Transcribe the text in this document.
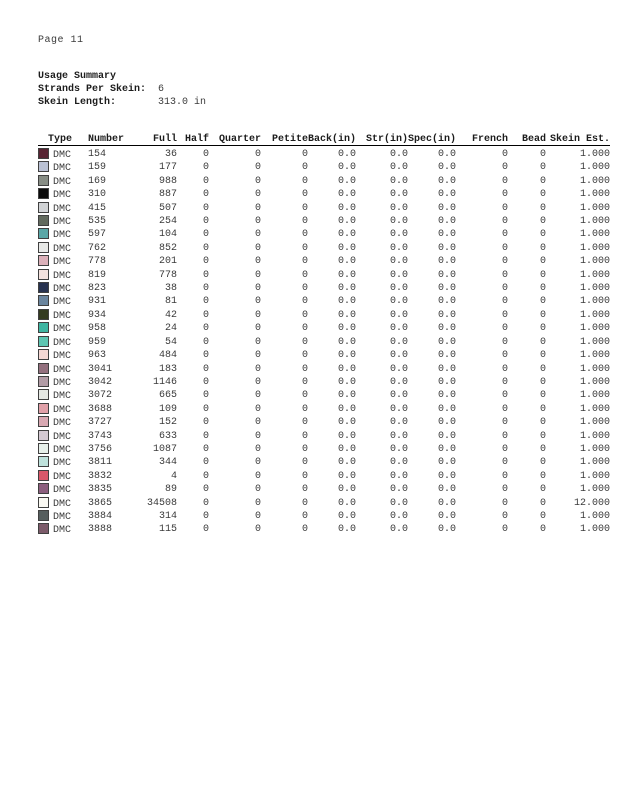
Page 11
Usage Summary
Strands Per Skein: 6
Skein Length:	313.0 in
Type	Number	Full	Half	Quarter	Petite	Back(in)	Str(in)	Spec(in)	French	Bead	Skein Est.
DMC	154	36	0	0	0	0.0	0.0	0.0	0	0	1.000
DMC	159	177	0	0	0	0.0	0.0	0.0	0	0	1.000
DMC	169	988	0	0	0	0.0	0.0	0.0	0	0	1.000
DMC	310	887	0	0	0	0.0	0.0	0.0	0	0	1.000
DMC	415	507	0	0	0	0.0	0.0	0.0	0	0	1.000
DMC	535	254	0	0	0	0.0	0.0	0.0	0	0	1.000
DMC	597	104	0	0	0	0.0	0.0	0.0	0	0	1.000
DMC	762	852	0	0	0	0.0	0.0	0.0	0	0	1.000
DMC	778	201	0	0	0	0.0	0.0	0.0	0	0	1.000
DMC	819	778	0	0	0	0.0	0.0	0.0	0	0	1.000
DMC	823	38	0	0	0	0.0	0.0	0.0	0	0	1.000
DMC	931	81	0	0	0	0.0	0.0	0.0	0	0	1.000
DMC	934	42	0	0	0	0.0	0.0	0.0	0	0	1.000
DMC	958	24	0	0	0	0.0	0.0	0.0	0	0	1.000
DMC	959	54	0	0	0	0.0	0.0	0.0	0	0	1.000
DMC	963	484	0	0	0	0.0	0.0	0.0	0	0	1.000
DMC	3041	183	0	0	0	0.0	0.0	0.0	0	0	1.000
DMC	3042	1146	0	0	0	0.0	0.0	0.0	0	0	1.000
DMC	3072	665	0	0	0	0.0	0.0	0.0	0	0	1.000
DMC	3688	109	0	0	0	0.0	0.0	0.0	0	0	1.000
DMC	3727	152	0	0	0	0.0	0.0	0.0	0	0	1.000
DMC	3743	633	0	0	0	0.0	0.0	0.0	0	0	1.000
DMC	3756	1087	0	0	0	0.0	0.0	0.0	0	0	1.000
DMC	3811	344	0	0	0	0.0	0.0	0.0	0	0	1.000
DMC	3832	4	0	0	0	0.0	0.0	0.0	0	0	1.000
DMC	3835	89	0	0	0	0.0	0.0	0.0	0	0	1.000
DMC	3865	34508	0	0	0	0.0	0.0	0.0	0	0	12.000
DMC	3884	314	0	0	0	0.0	0.0	0.0	0	0	1.000
DMC	3888	115	0	0	0	0.0	0.0	0.0	0	0	1.000
